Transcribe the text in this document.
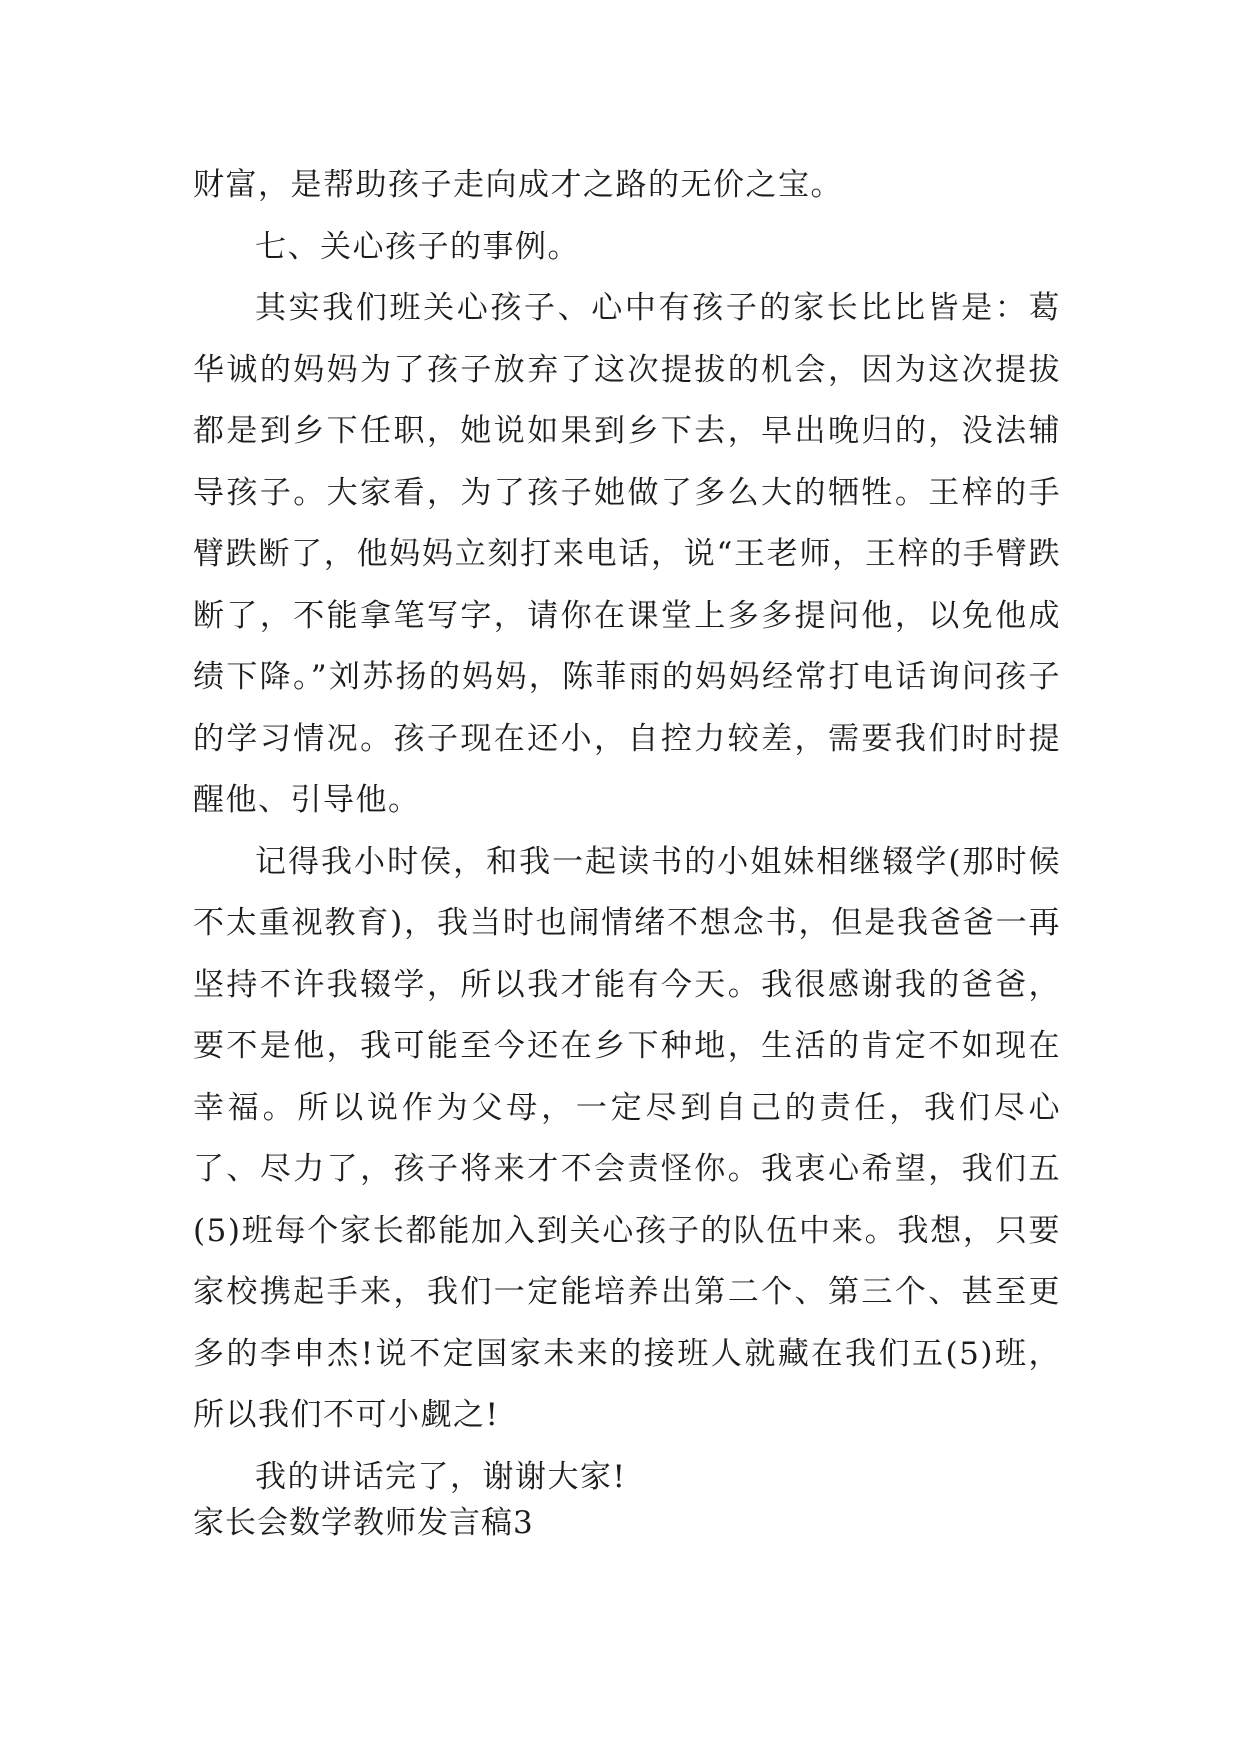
财富，是帮助孩子走向成才之路的无价之宝。

七、关心孩子的事例。

其实我们班关心孩子、心中有孩子的家长比比皆是：葛华诚的妈妈为了孩子放弃了这次提拔的机会，因为这次提拔都是到乡下任职，她说如果到乡下去，早出晚归的，没法辅导孩子。大家看，为了孩子她做了多么大的牺牲。王梓的手臂跌断了，他妈妈立刻打来电话，说“王老师，王梓的手臂跌断了，不能拿笔写字，请你在课堂上多多提问他，以免他成绩下降。”刘苏扬的妈妈，陈菲雨的妈妈经常打电话询问孩子的学习情况。孩子现在还小，自控力较差，需要我们时时提醒他、引导他。

记得我小时侯，和我一起读书的小姐妹相继辍学(那时候不太重视教育)，我当时也闹情绪不想念书，但是我爸爸一再坚持不许我辍学，所以我才能有今天。我很感谢我的爸爸，要不是他，我可能至今还在乡下种地，生活的肯定不如现在幸福。所以说作为父母，一定尽到自己的责任，我们尽心了、尽力了，孩子将来才不会责怪你。我衷心希望，我们五(5)班每个家长都能加入到关心孩子的队伍中来。我想，只要家校携起手来，我们一定能培养出第二个、第三个、甚至更多的李申杰!说不定国家未来的接班人就藏在我们五(5)班，所以我们不可小觑之!

我的讲话完了，谢谢大家!

家长会数学教师发言稿3
